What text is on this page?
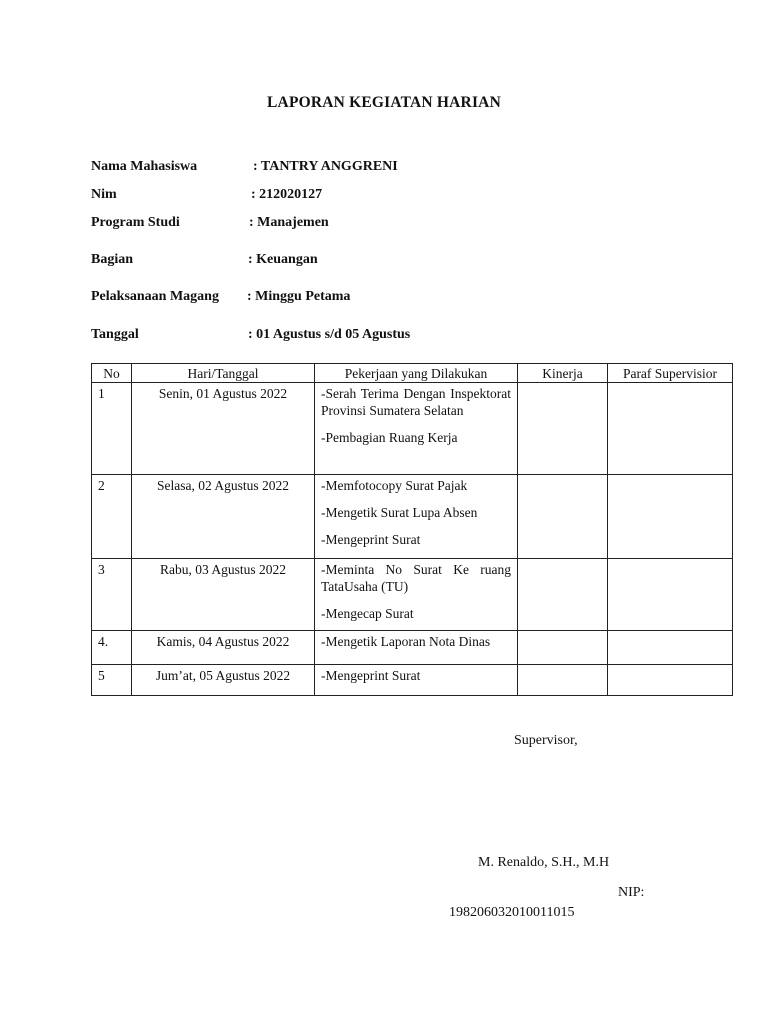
LAPORAN KEGIATAN HARIAN
Nama Mahasiswa	: TANTRY ANGGRENI
Nim	: 212020127
Program Studi	: Manajemen
Bagian	: Keuangan
Pelaksanaan Magang : Minggu Petama
Tanggal	: 01 Agustus s/d 05 Agustus
No	Hari/Tanggal	Pekerjaan yang Dilakukan	Kinerja	Paraf Supervisior
1	Senin, 01 Agustus 2022	-Serah Terima Dengan Inspektorat Provinsi Sumatera Selatan
-Pembagian Ruang Kerja		

2	Selasa, 02 Agustus 2022	-Memfotocopy Surat Pajak
-Mengetik Surat Lupa Absen
-Mengeprint Surat		

3	Rabu, 03 Agustus 2022	-Meminta No Surat Ke ruang TataUsaha (TU)
-Mengecap Surat		

4.	Kamis, 04 Agustus 2022	-Mengetik Laporan Nota Dinas		

5	Jum’at, 05 Agustus 2022	-Mengeprint Surat		

Supervisor,
M. Renaldo, S.H., M.H
NIP:
198206032010011015
